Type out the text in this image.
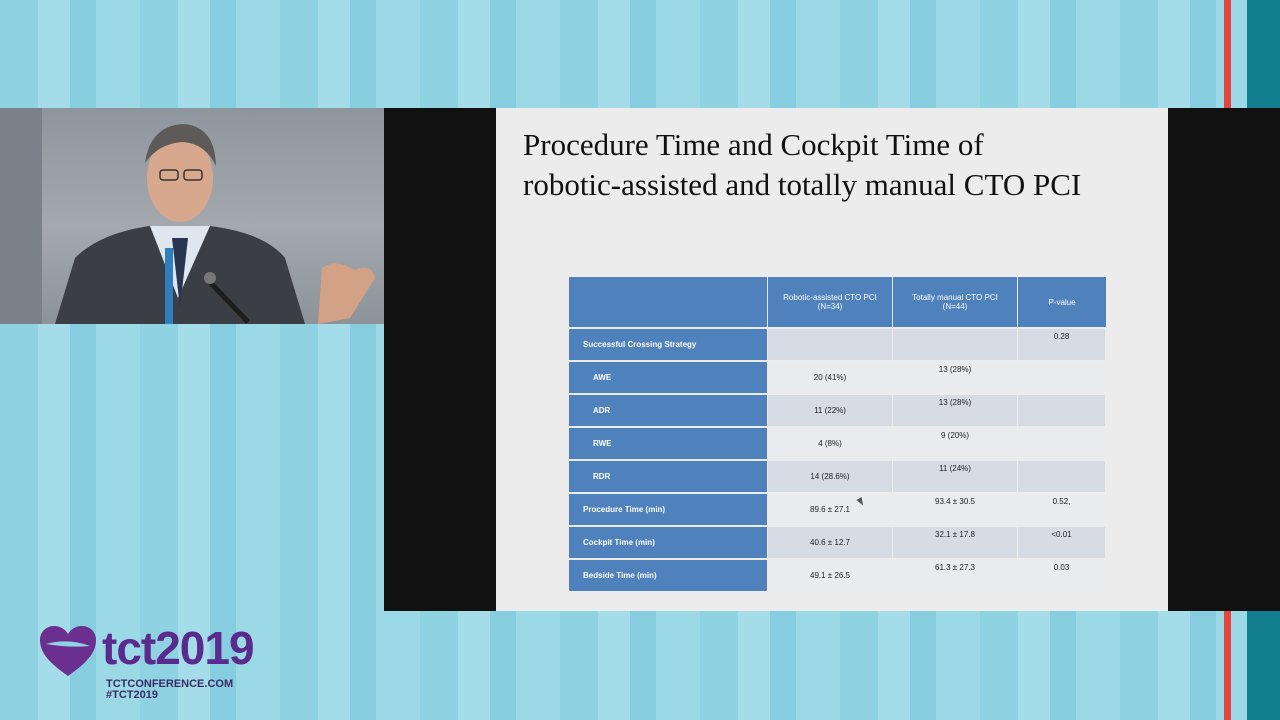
Procedure Time and Cockpit Time of
robotic-assisted and totally manual CTO PCI
	Robotic-assisted CTO PCI (N=34)	Totally manual CTO PCI (N=44)	P-value
Successful Crossing Strategy			0.28
AWE	20 (41%)	13 (28%)	
ADR	11 (22%)	13 (28%)	
RWE	4 (8%)	9 (20%)	
RDR	14 (28.6%)	11 (24%)	
Procedure Time (min)	89.6 ± 27.1	93.4 ± 30.5	0.52,
Cockpit Time (min)	40.6 ± 12.7	32.1 ± 17.8	<0.01
Bedside Time (min)	49.1 ± 26.5	61.3 ± 27.3	0.03
tct2019
TCTCONFERENCE.COM
#TCT2019
